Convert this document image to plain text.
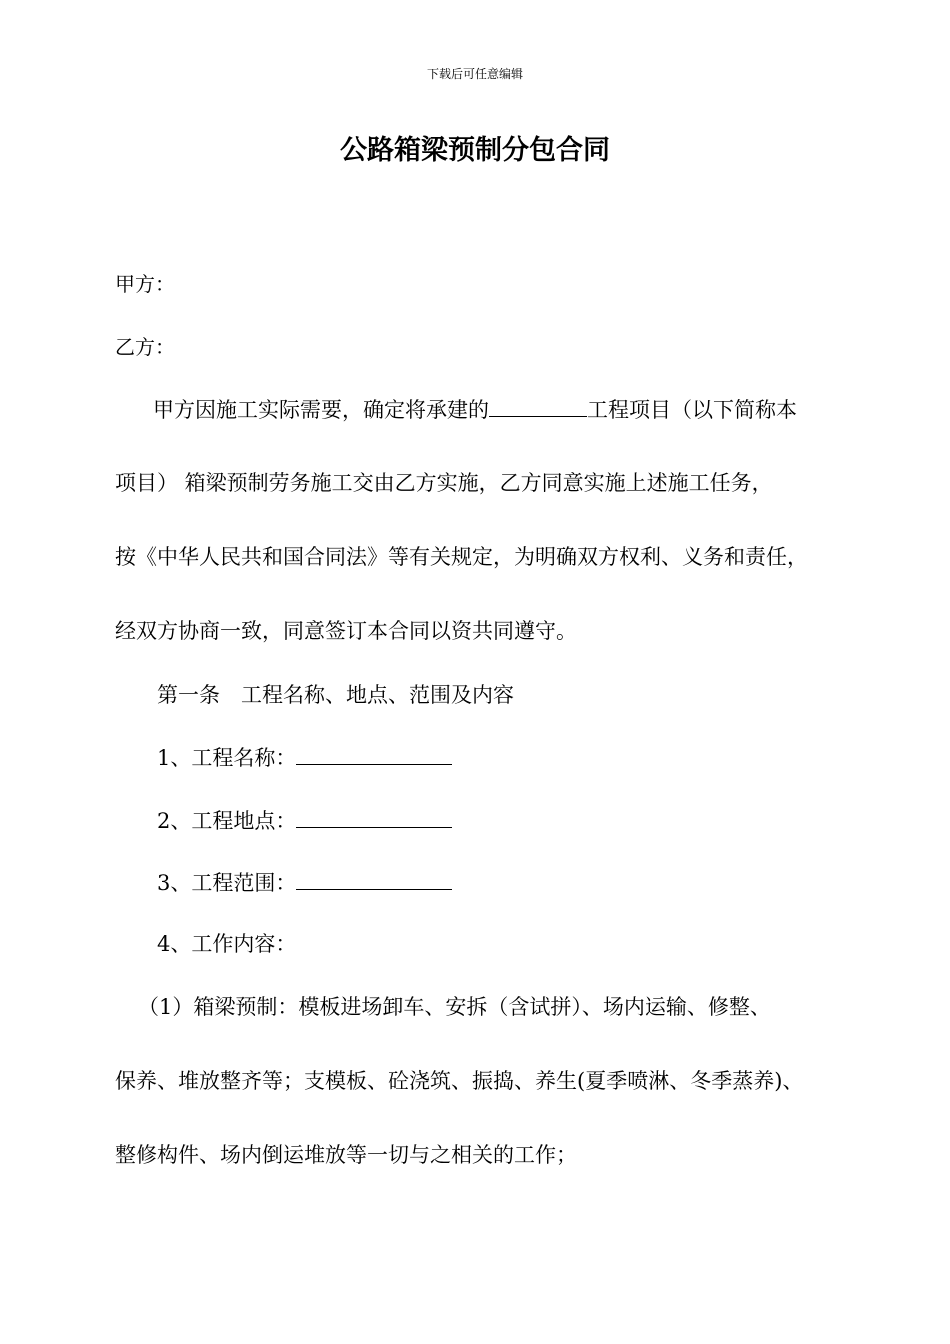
下载后可任意编辑
公路箱梁预制分包合同
甲方：
乙方：
甲方因施工实际需要，确定将承建的	工程项目（以下简称本
项目） 箱梁预制劳务施工交由乙方实施，乙方同意实施上述施工任务，
按《中华人民共和国合同法》等有关规定，为明确双方权利、义务和责任，
经双方协商一致，同意签订本合同以资共同遵守。
第一条　工程名称、地点、范围及内容
1、工程名称：
2、工程地点：
3、工程范围：
4、工作内容：
（1）箱梁预制：模板进场卸车、安拆（含试拼）、场内运输、修整、
保养、堆放整齐等；支模板、砼浇筑、振捣、养生(夏季喷淋、冬季蒸养)、
整修构件、场内倒运堆放等一切与之相关的工作；
